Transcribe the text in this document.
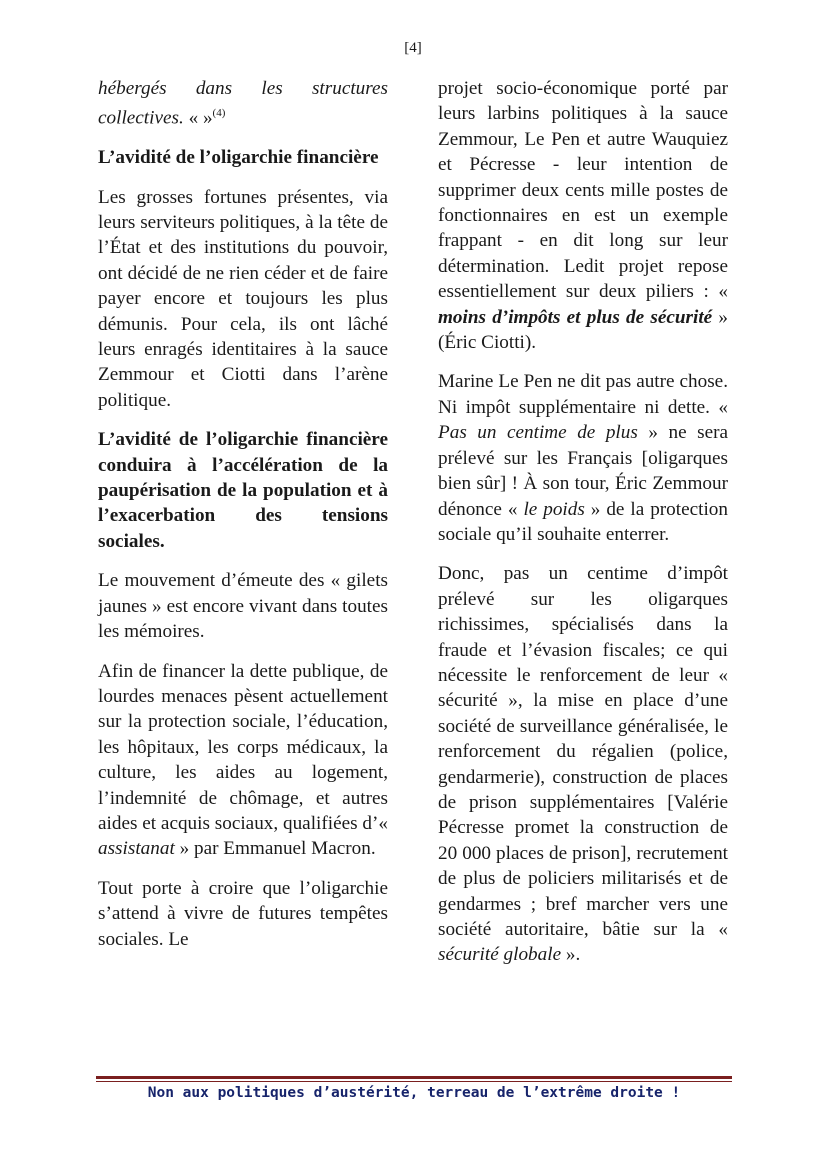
[4]

hébergés dans les structures collectives. « »$^{(4)}$

L’avidité de l’oligarchie financière

Les grosses fortunes présentes, via leurs serviteurs politiques, à la tête de l’État et des institutions du pouvoir, ont décidé de ne rien céder et de faire payer encore et toujours les plus démunis. Pour cela, ils ont lâché leurs enragés identitaires à la sauce Zemmour et Ciotti dans l’arène politique.

L’avidité de l’oligarchie financière conduira à l’accélération de la paupérisation de la population et à l’exacerbation des tensions sociales.

Le mouvement d’émeute des « gilets jaunes » est encore vivant dans toutes les mémoires.

Afin de financer la dette publique, de lourdes menaces pèsent actuellement sur la protection sociale, l’éducation, les hôpitaux, les corps médicaux, la culture, les aides au logement, l’indemnité de chômage, et autres aides et acquis sociaux, qualifiées d’« assistanat » par Emmanuel Macron.

Tout porte à croire que l’oligarchie s’attend à vivre de futures tempêtes sociales. Le

projet socio-économique porté par leurs larbins politiques à la sauce Zemmour, Le Pen et autre Wauquiez et Pécresse - leur intention de supprimer deux cents mille postes de fonctionnaires en est un exemple frappant - en dit long sur leur détermination. Ledit projet repose essentiellement sur deux piliers : « moins d’impôts et plus de sécurité » (Éric Ciotti).

Marine Le Pen ne dit pas autre chose. Ni impôt supplémentaire ni dette. « Pas un centime de plus » ne sera prélevé sur les Français [oligarques bien sûr] ! À son tour, Éric Zemmour dénonce « le poids » de la protection sociale qu’il souhaite enterrer.

Donc, pas un centime d’impôt prélevé sur les oligarques richissimes, spécialisés dans la fraude et l’évasion fiscales; ce qui nécessite le renforcement de leur « sécurité », la mise en place d’une société de surveillance généralisée, le renforcement du régalien (police, gendarmerie), construction de places de prison supplémentaires [Valérie Pécresse promet la construction de 20 000 places de prison], recrutement de plus de policiers militarisés et de gendarmes ; bref marcher vers une société autoritaire, bâtie sur la « sécurité globale ».

Non aux politiques d’austérité, terreau de l’extrême droite !
